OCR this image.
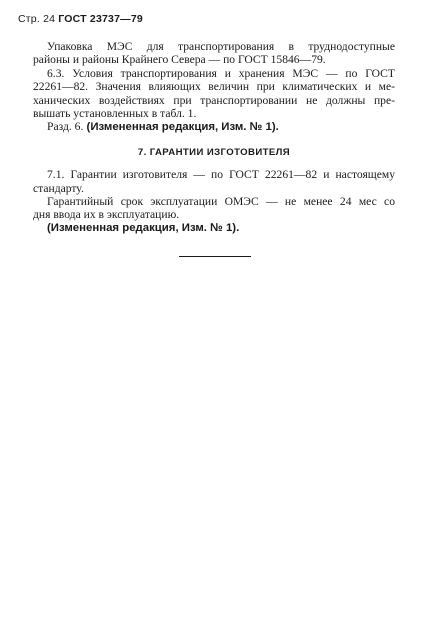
Стр. 24 ГОСТ 23737—79

Упаковка МЭС для транспортирования в труднодоступные
районы и районы Крайнего Севера — по ГОСТ 15846—79.

6.3. Условия транспортирования и хранения МЭС — по ГОСТ
22261—82. Значения влияющих величин при климатических и ме-
ханических воздействиях при транспортировании не должны пре-
вышать установленных в табл. 1.

Разд. 6. (Измененная редакция, Изм. № 1).

7. ГАРАНТИИ ИЗГОТОВИТЕЛЯ

7.1. Гарантии изготовителя — по ГОСТ 22261—82 и настоящему
стандарту.

Гарантийный срок эксплуатации ОМЭС — не менее 24 мес со
дня ввода их в эксплуатацию.

(Измененная редакция, Изм. № 1).
